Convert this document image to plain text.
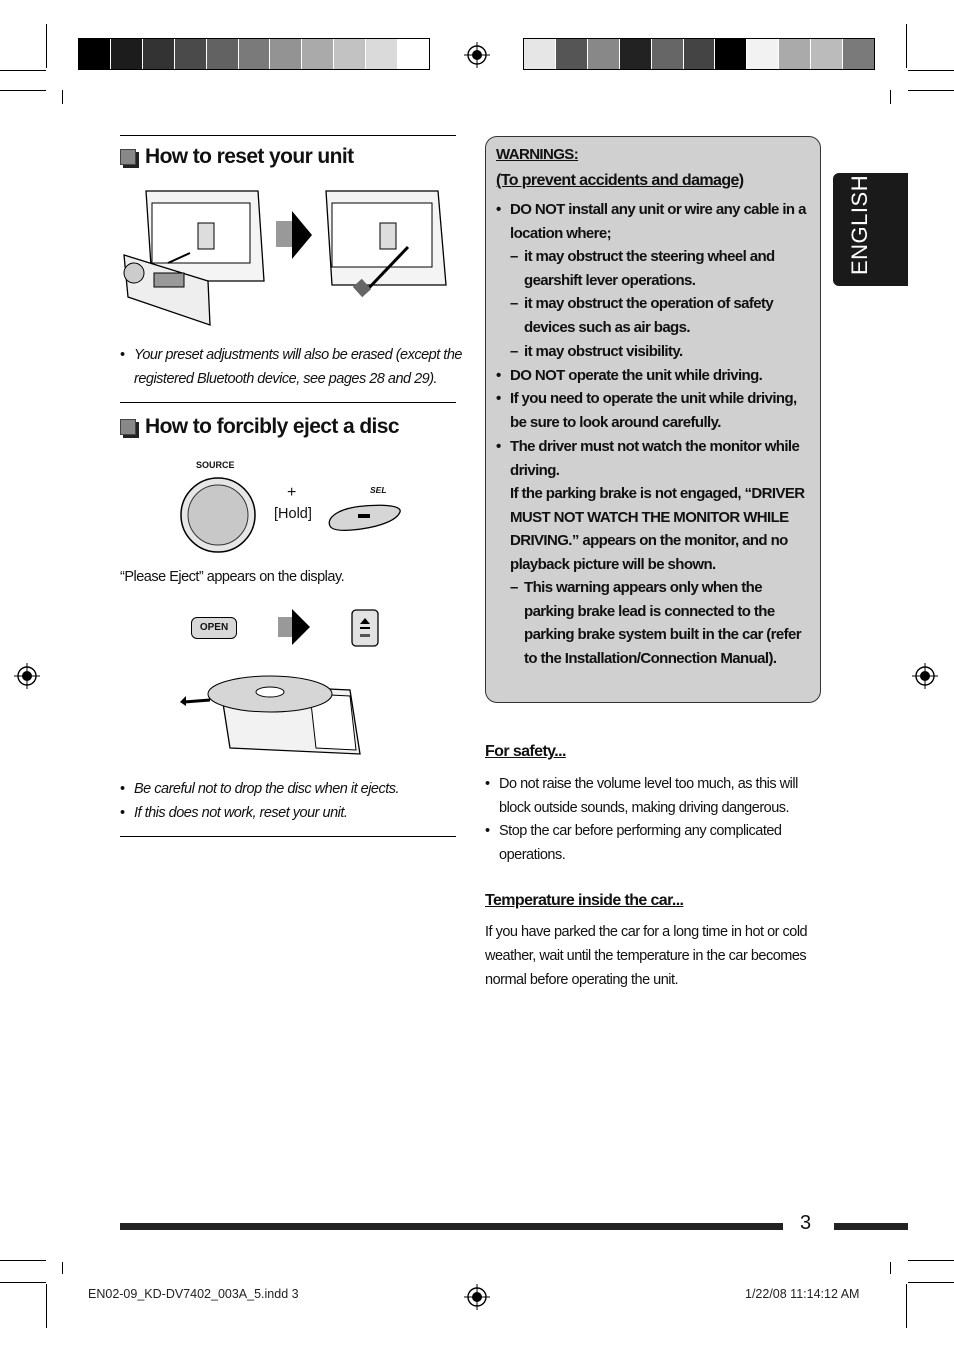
How to reset your unit
• Your preset adjustments will also be erased (except the registered Bluetooth device, see pages 28 and 29).
How to forcibly eject a disc
SOURCE
+
[Hold]
SEL
“Please Eject” appears on the display.
OPEN
• Be careful not to drop the disc when it ejects.
• If this does not work, reset your unit.
WARNINGS:
(To prevent accidents and damage)
• DO NOT install any unit or wire any cable in a location where;
– it may obstruct the steering wheel and gearshift lever operations.
– it may obstruct the operation of safety devices such as air bags.
– it may obstruct visibility.
• DO NOT operate the unit while driving.
• If you need to operate the unit while driving, be sure to look around carefully.
• The driver must not watch the monitor while driving.
If the parking brake is not engaged, “DRIVER MUST NOT WATCH THE MONITOR WHILE DRIVING.” appears on the monitor, and no playback picture will be shown.
– This warning appears only when the parking brake lead is connected to the parking brake system built in the car (refer to the Installation/Connection Manual).
For safety...
• Do not raise the volume level too much, as this will block outside sounds, making driving dangerous.
• Stop the car before performing any complicated operations.
Temperature inside the car...
If you have parked the car for a long time in hot or cold weather, wait until the temperature in the car becomes normal before operating the unit.
ENGLISH
3
EN02-09_KD-DV7402_003A_5.indd 3	1/22/08 11:14:12 AM
